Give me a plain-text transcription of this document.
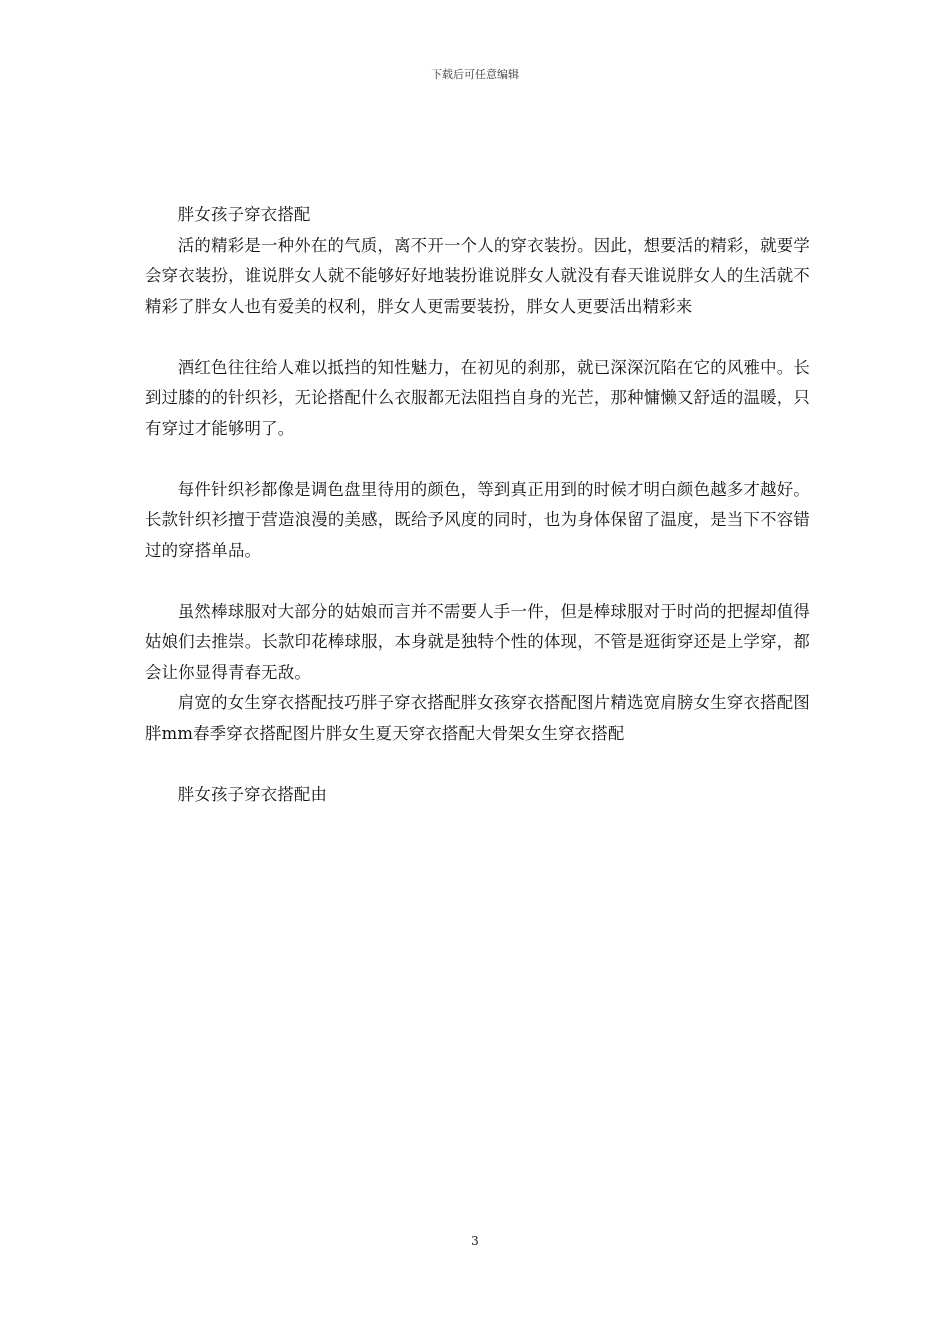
下载后可任意编辑

胖女孩子穿衣搭配

活的精彩是一种外在的气质，离不开一个人的穿衣装扮。因此，想要活的精彩，就要学会穿衣装扮，谁说胖女人就不能够好好地装扮谁说胖女人就没有春天谁说胖女人的生活就不精彩了胖女人也有爱美的权利，胖女人更需要装扮，胖女人更要活出精彩来

酒红色往往给人难以抵挡的知性魅力，在初见的刹那，就已深深沉陷在它的风雅中。长到过膝的的针织衫，无论搭配什么衣服都无法阻挡自身的光芒，那种慵懒又舒适的温暖，只有穿过才能够明了。

每件针织衫都像是调色盘里待用的颜色，等到真正用到的时候才明白颜色越多才越好。长款针织衫擅于营造浪漫的美感，既给予风度的同时，也为身体保留了温度，是当下不容错过的穿搭单品。

虽然棒球服对大部分的姑娘而言并不需要人手一件，但是棒球服对于时尚的把握却值得姑娘们去推崇。长款印花棒球服，本身就是独特个性的体现，不管是逛街穿还是上学穿，都会让你显得青春无敌。

肩宽的女生穿衣搭配技巧胖子穿衣搭配胖女孩穿衣搭配图片精选宽肩膀女生穿衣搭配图胖mm春季穿衣搭配图片胖女生夏天穿衣搭配大骨架女生穿衣搭配

胖女孩子穿衣搭配由

3
